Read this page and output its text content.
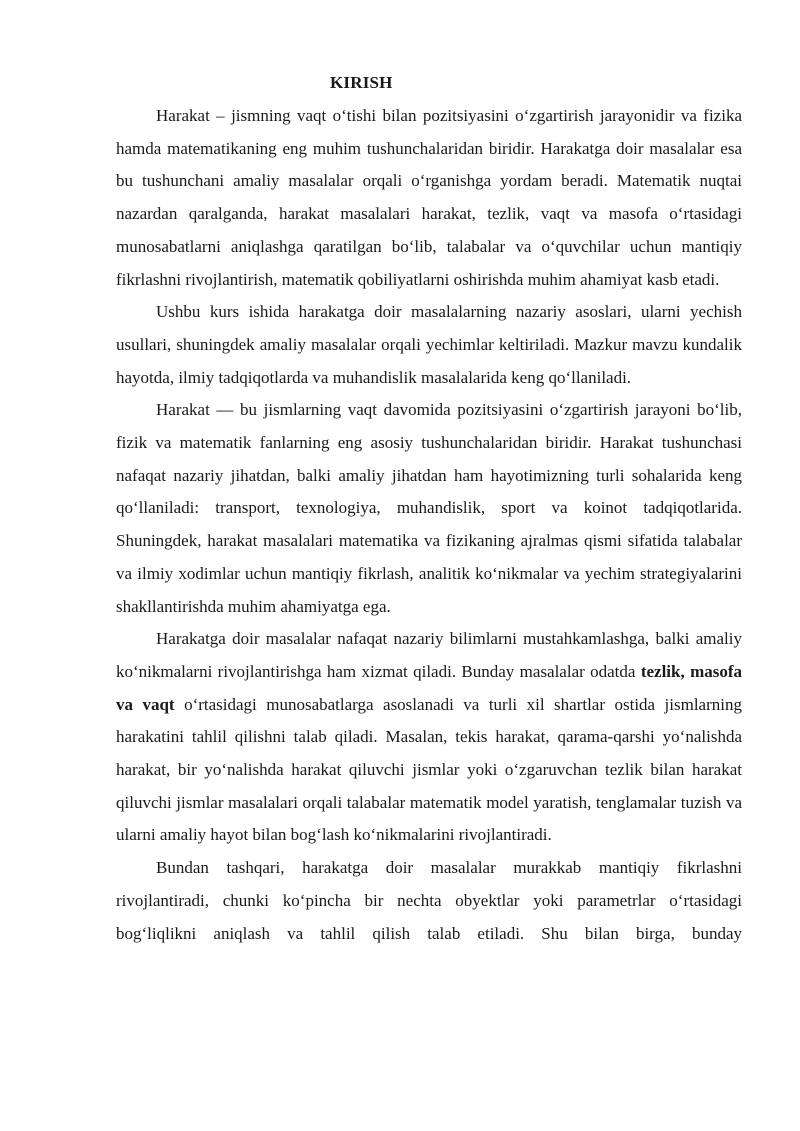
KIRISH

Harakat – jismning vaqt o‘tishi bilan pozitsiyasini o‘zgartirish jarayonidir va fizika hamda matematikaning eng muhim tushunchalaridan biridir. Harakatga doir masalalar esa bu tushunchani amaliy masalalar orqali o‘rganishga yordam beradi. Matematik nuqtai nazardan qaralganda, harakat masalalari harakat, tezlik, vaqt va masofa o‘rtasidagi munosabatlarni aniqlashga qaratilgan bo‘lib, talabalar va o‘quvchilar uchun mantiqiy fikrlashni rivojlantirish, matematik qobiliyatlarni oshirishda muhim ahamiyat kasb etadi.

Ushbu kurs ishida harakatga doir masalalarning nazariy asoslari, ularni yechish usullari, shuningdek amaliy masalalar orqali yechimlar keltiriladi. Mazkur mavzu kundalik hayotda, ilmiy tadqiqotlarda va muhandislik masalalarida keng qo‘llaniladi.

Harakat — bu jismlarning vaqt davomida pozitsiyasini o‘zgartirish jarayoni bo‘lib, fizik va matematik fanlarning eng asosiy tushunchalaridan biridir. Harakat tushunchasi nafaqat nazariy jihatdan, balki amaliy jihatdan ham hayotimizning turli sohalarida keng qo‘llaniladi: transport, texnologiya, muhandislik, sport va koinot tadqiqotlarida. Shuningdek, harakat masalalari matematika va fizikaning ajralmas qismi sifatida talabalar va ilmiy xodimlar uchun mantiqiy fikrlash, analitik ko‘nikmalar va yechim strategiyalarini shakllantirishda muhim ahamiyatga ega.

Harakatga doir masalalar nafaqat nazariy bilimlarni mustahkamlashga, balki amaliy ko‘nikmalarni rivojlantirishga ham xizmat qiladi. Bunday masalalar odatda tezlik, masofa va vaqt o‘rtasidagi munosabatlarga asoslanadi va turli xil shartlar ostida jismlarning harakatini tahlil qilishni talab qiladi. Masalan, tekis harakat, qarama-qarshi yo‘nalishda harakat, bir yo‘nalishda harakat qiluvchi jismlar yoki o‘zgaruvchan tezlik bilan harakat qiluvchi jismlar masalalari orqali talabalar matematik model yaratish, tenglamalar tuzish va ularni amaliy hayot bilan bog‘lash ko‘nikmalarini rivojlantiradi.

Bundan tashqari, harakatga doir masalalar murakkab mantiqiy fikrlashni rivojlantiradi, chunki ko‘pincha bir nechta obyektlar yoki parametrlar o‘rtasidagi bog‘liqlikni aniqlash va tahlil qilish talab etiladi. Shu bilan birga, bunday
